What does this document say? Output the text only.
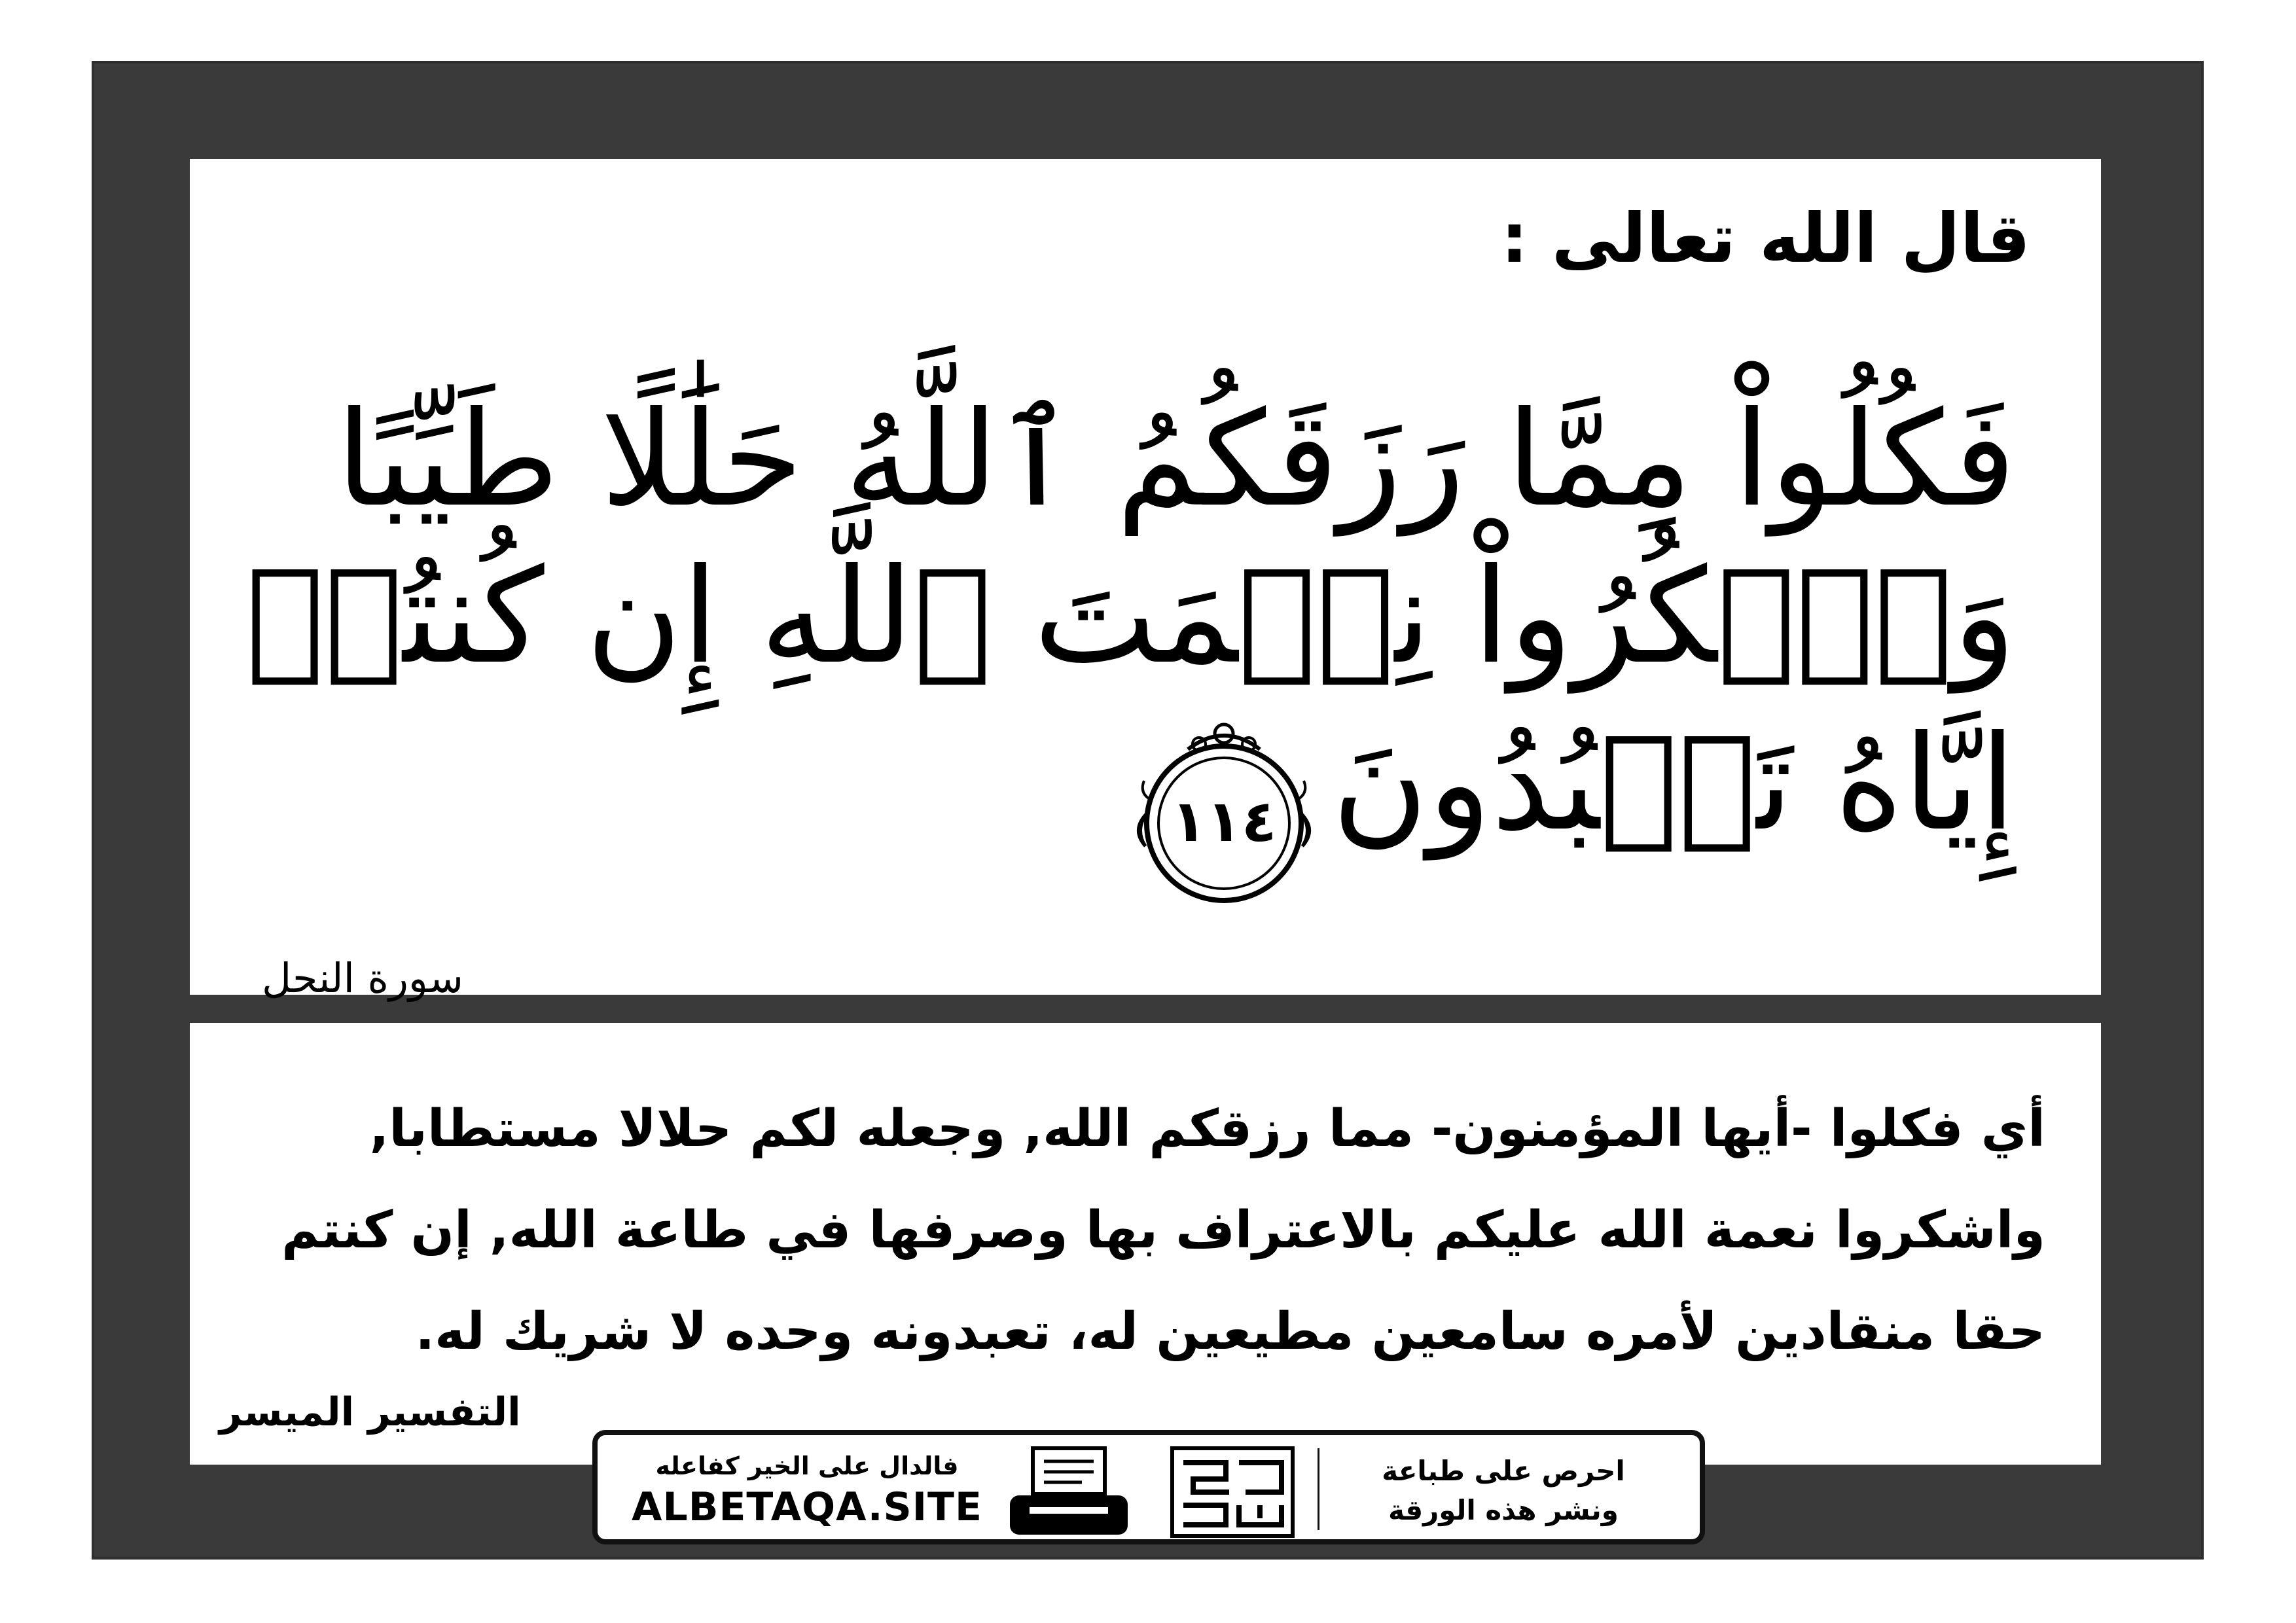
قال الله تعالى :
فَكُلُواْ مِمَّا رَزَقَكُمُ ٱللَّهُ حَلَٰلًا طَيِّبًا
وَٱشۡكُرُواْ نِعۡمَتَ ٱللَّهِ إِن كُنتُمۡ
إِيَّاهُ تَعۡبُدُونَ
١١٤
سورة النحل

أي فكلوا -أيها المؤمنون- مما رزقكم الله, وجعله لكم حلالا مستطابا,
واشكروا نعمة الله عليكم بالاعتراف بها وصرفها في طاعة الله, إن كنتم
حقا منقادين لأمره سامعين مطيعين له، تعبدونه وحده لا شريك له.

التفسير الميسر
فالدال على الخير كفاعله
ALBETAQA.SITE
احرص على طباعة
ونشر هذه الورقة
